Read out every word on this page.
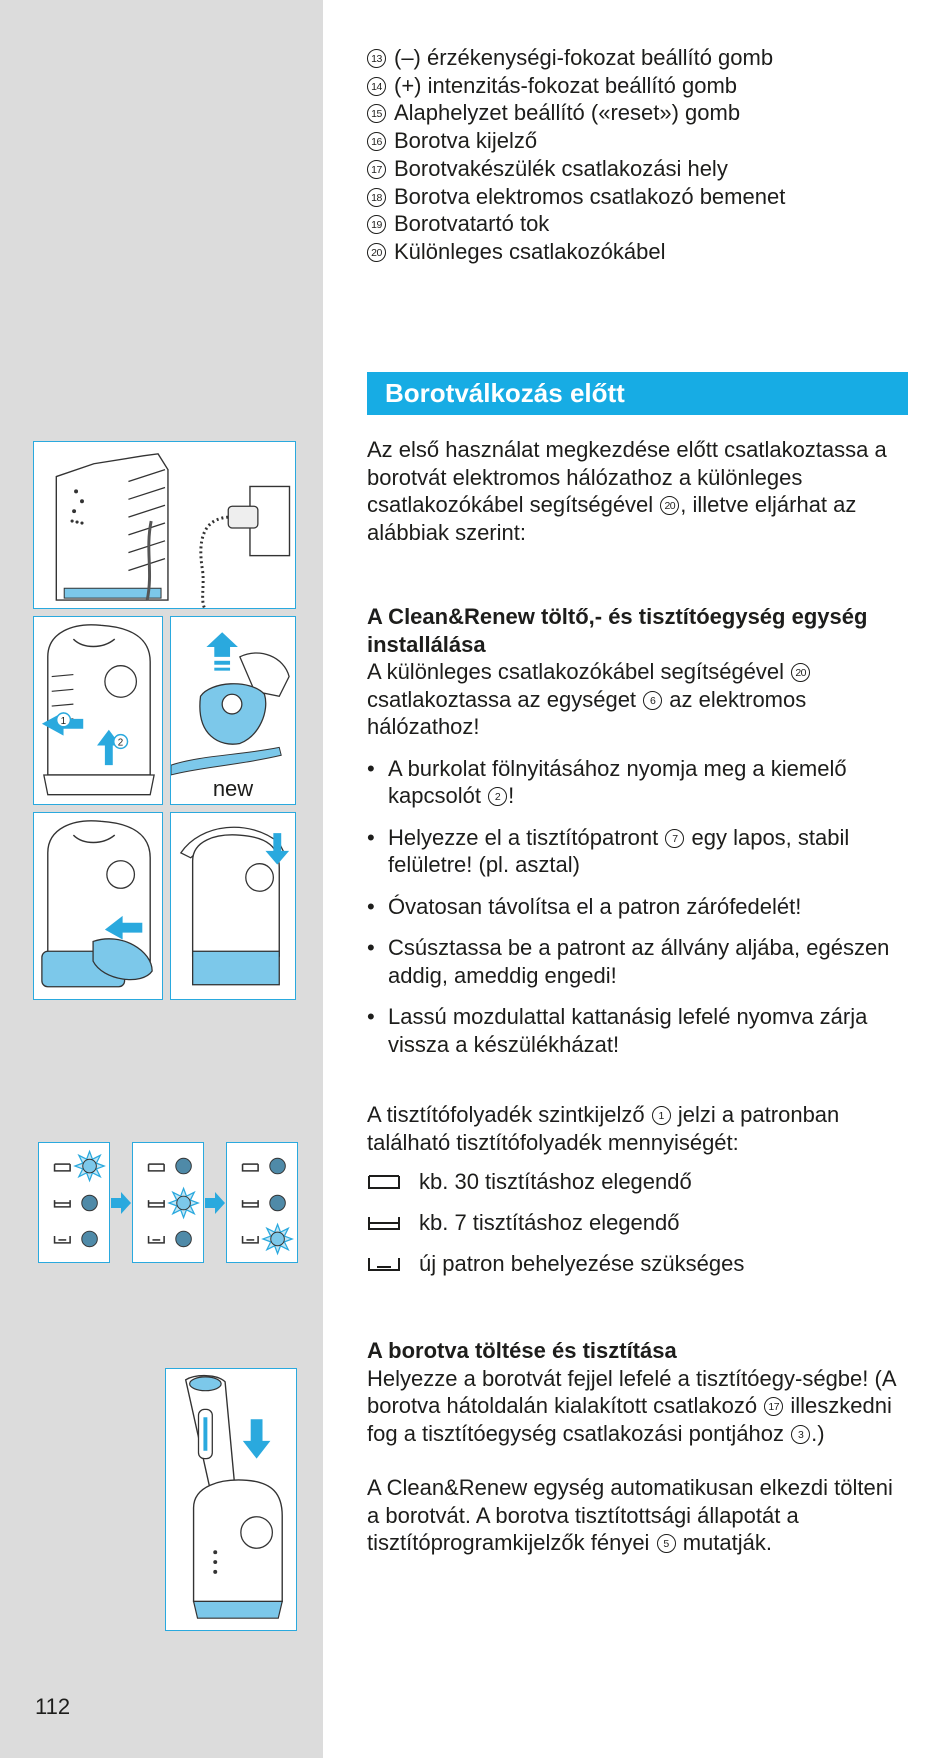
1
2
new
13 (–) érzékenységi-fokozat beállító gomb
14 (+) intenzitás-fokozat beállító gomb
15 Alaphelyzet beállító («reset») gomb
16 Borotva kijelző
17 Borotvakészülék csatlakozási hely
18 Borotva elektromos csatlakozó bemenet
19 Borotvatartó tok
20 Különleges csatlakozókábel
Borotválkozás előtt

Az első használat megkezdése előtt csatlakoztassa a borotvát elektromos hálózathoz a különleges csatlakozókábel segítségével 20 , illetve eljárhat az alábbiak szerint:

A Clean&Renew töltő,- és tisztítóegység egység installálása

A különleges csatlakozókábel segítségével 20 csatlakoztassa az egységet 6 az elektromos hálózathoz!

• A burkolat fölnyitásához nyomja meg a kiemelő kapcsolót 2 !
• Helyezze el a tisztítópatront 7 egy lapos, stabil felületre! (pl. asztal)
• Óvatosan távolítsa el a patron zárófedelét!
• Csúsztassa be a patront az állvány aljába, egészen addig, ameddig engedi!
• Lassú mozdulattal kattanásig lefelé nyomva zárja vissza a készülékházat!

A tisztítófolyadék szintkijelző 1 jelzi a patronban található tisztítófolyadék mennyiségét:

kb. 30 tisztításhoz elegendő
kb. 7 tisztításhoz elegendő
új patron behelyezése szükséges

A borotva töltése és tisztítása

Helyezze a borotvát fejjel lefelé a tisztítóegy-ségbe! (A borotva hátoldalán kialakított csatlakozó 17 illeszkedni fog a tisztítóegység csatlakozási pontjához 3 .)

A Clean&Renew egység automatikusan elkezdi tölteni a borotvát. A borotva tisztítottsági állapotát a tisztítóprogramkijelzők fényei 5 mutatják.

112
